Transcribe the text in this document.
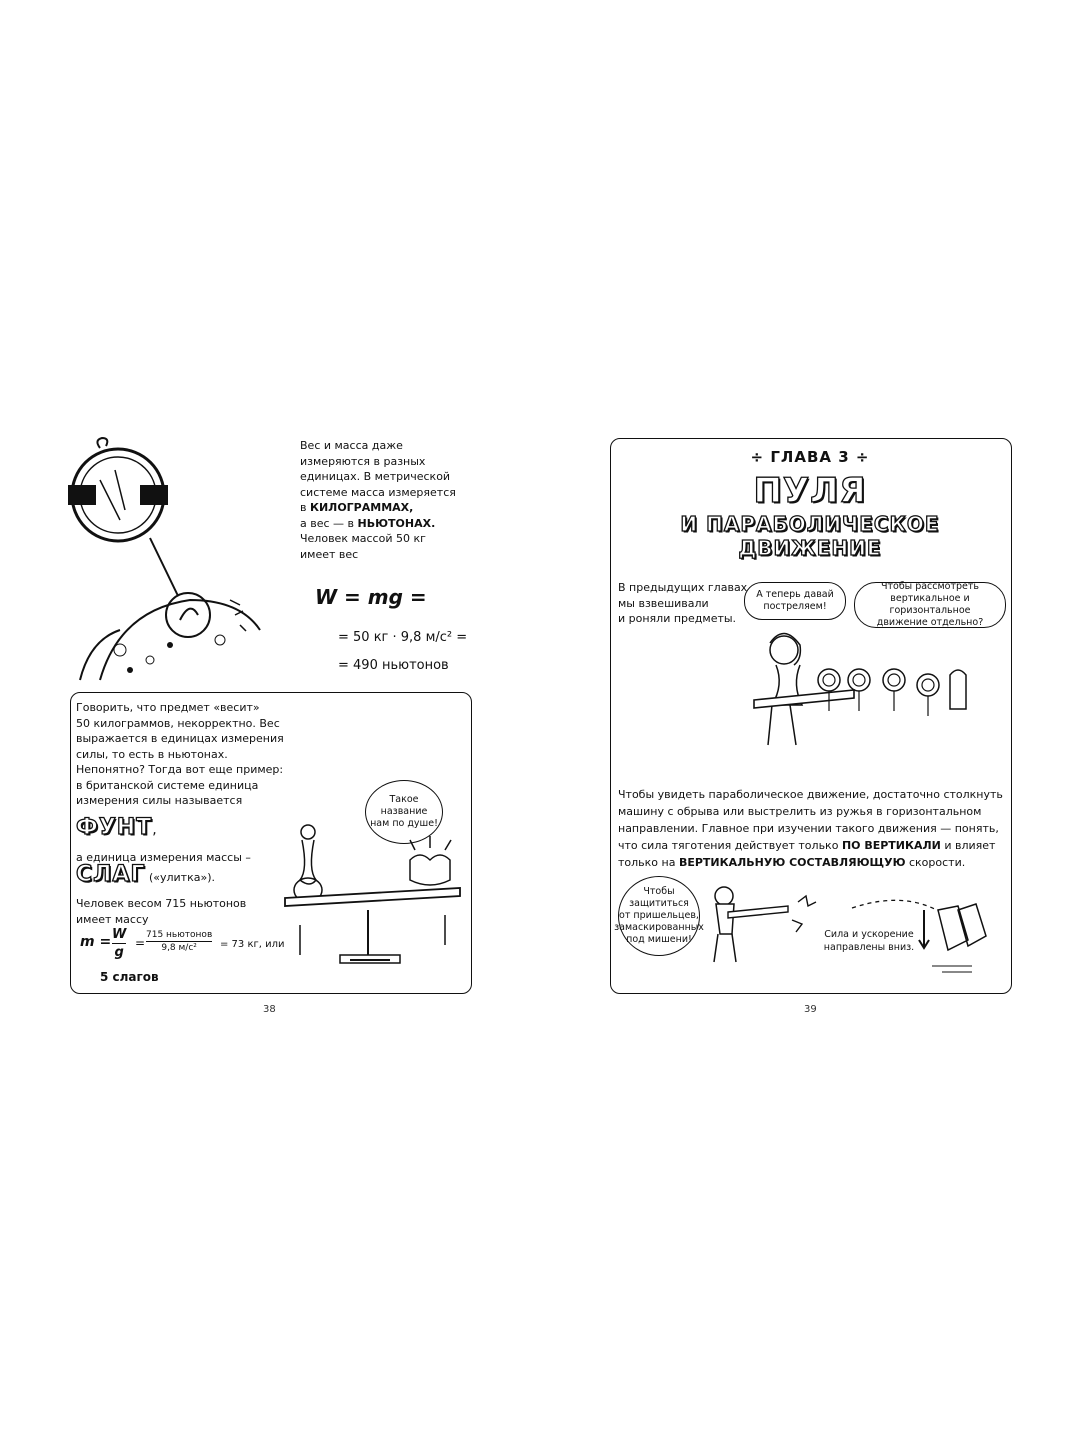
Вес и масса даже
измеряются в разных
единицах. В метрической
системе масса измеряется
в КИЛОГРАММАХ,
а вес — в НЬЮТОНАХ.
Человек массой 50 кг
имеет вес
W = mg =
= 50 кг · 9,8 м/с² =
= 490 ньютонов
Говорить, что предмет «весит»
50 килограммов, некорректно. Вес
выражается в единицах измерения
силы, то есть в ньютонах.
Непонятно? Тогда вот еще пример:
в британской системе единица
измерения силы называется
ФУНТ,
а единица измерения массы –
СЛАГ («улитка»).
Человек весом 715 ньютонов
имеет массу
$m = \frac{W}{g}$ =
715 ньютонов
9,8 м/с²	= 73 кг, или
5 слагов
Такое название
нам по душе!
38
÷ ГЛАВА 3 ÷
ПУЛЯ
И ПАРАБОЛИЧЕСКОЕ
ДВИЖЕНИЕ
В предыдущих главах
мы взвешивали
и роняли предметы.
А теперь давай
постреляем!
Чтобы рассмотреть
вертикальное и горизонтальное
движение отдельно?
Чтобы увидеть параболическое движение, достаточно столкнуть
машину с обрыва или выстрелить из ружья в горизонтальном
направлении. Главное при изучении такого движения — понять,
что сила тяготения действует только ПО ВЕРТИКАЛИ и влияет
только на ВЕРТИКАЛЬНУЮ СОСТАВЛЯЮЩУЮ скорости.
Чтобы
защититься
от пришельцев,
замаскированных
под мишени!	Сила и ускорение
направлены вниз.
39
